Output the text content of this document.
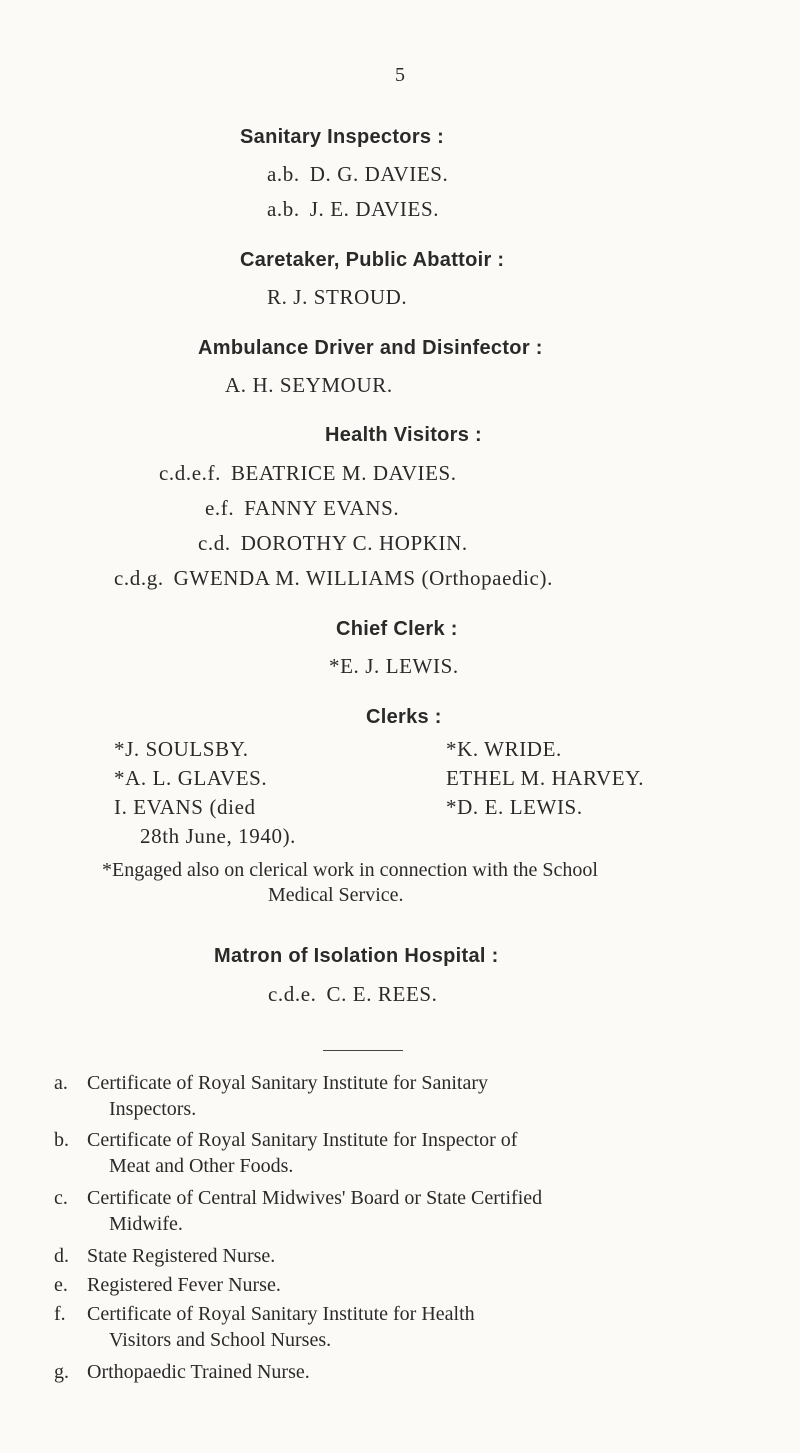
5
Sanitary Inspectors :
a.b. D. G. DAVIES.
a.b. J. E. DAVIES.
Caretaker, Public Abattoir :
R. J. STROUD.
Ambulance Driver and Disinfector :
A. H. SEYMOUR.
Health Visitors :
c.d.e.f. BEATRICE M. DAVIES.
e.f. FANNY EVANS.
c.d. DOROTHY C. HOPKIN.
c.d.g. GWENDA M. WILLIAMS (Orthopaedic).
Chief Clerk :
*E. J. LEWIS.
Clerks :
*J. SOULSBY.
*A. L. GLAVES.
I. EVANS (died
28th June, 1940).
*K. WRIDE.
ETHEL M. HARVEY.
*D. E. LEWIS.
*Engaged also on clerical work in connection with the School
Medical Service.
Matron of Isolation Hospital :
c.d.e. C. E. REES.
a. Certificate of Royal Sanitary Institute for Sanitary
Inspectors.
b. Certificate of Royal Sanitary Institute for Inspector of
Meat and Other Foods.
c. Certificate of Central Midwives' Board or State Certified
Midwife.
d. State Registered Nurse.
e. Registered Fever Nurse.
f. Certificate of Royal Sanitary Institute for Health
Visitors and School Nurses.
g. Orthopaedic Trained Nurse.
